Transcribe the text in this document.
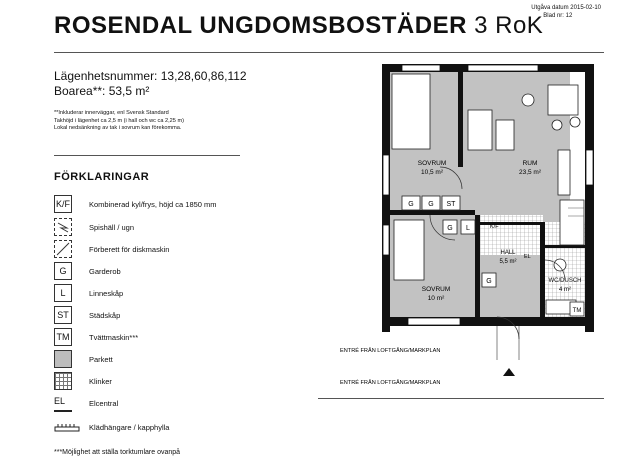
ROSENDAL UNGDOMSBOSTÄDER 3 RoK
Utgåva datum 2015-02-10
Blad nr: 12
Lägenhetsnummer: 13,28,60,86,112
Boarea**: 53,5 m²
**Inkluderar innerväggar, enl Svensk Standard
Takhöjd i lägenhet ca 2,5 m (i hall och wc ca 2,25 m)
Lokal nedsänkning av tak i sovrum kan förekomma.
FÖRKLARINGAR
K/F	Kombinerad kyl/frys, höjd ca 1850 mm
Spishäll / ugn
Förberett för diskmaskin
G	Garderob
L	Linneskåp
ST	Städskåp
TM	Tvättmaskin***
Parkett
Klinker
EL	Elcentral
Klädhängare / kapphylla
***Möjlighet att ställa torktumlare ovanpå
G G ST
G L
G
K/F
EL
TM
SOVRUM
10,5 m²
RUM
23,5 m²
HALL
5,5 m²
SOVRUM
10 m²
WC/DUSCH
4 m²
ENTRÉ FRÅN LOFTGÅNG/MARKPLAN
ENTRÉ FRÅN LOFTGÅNG/MARKPLAN
